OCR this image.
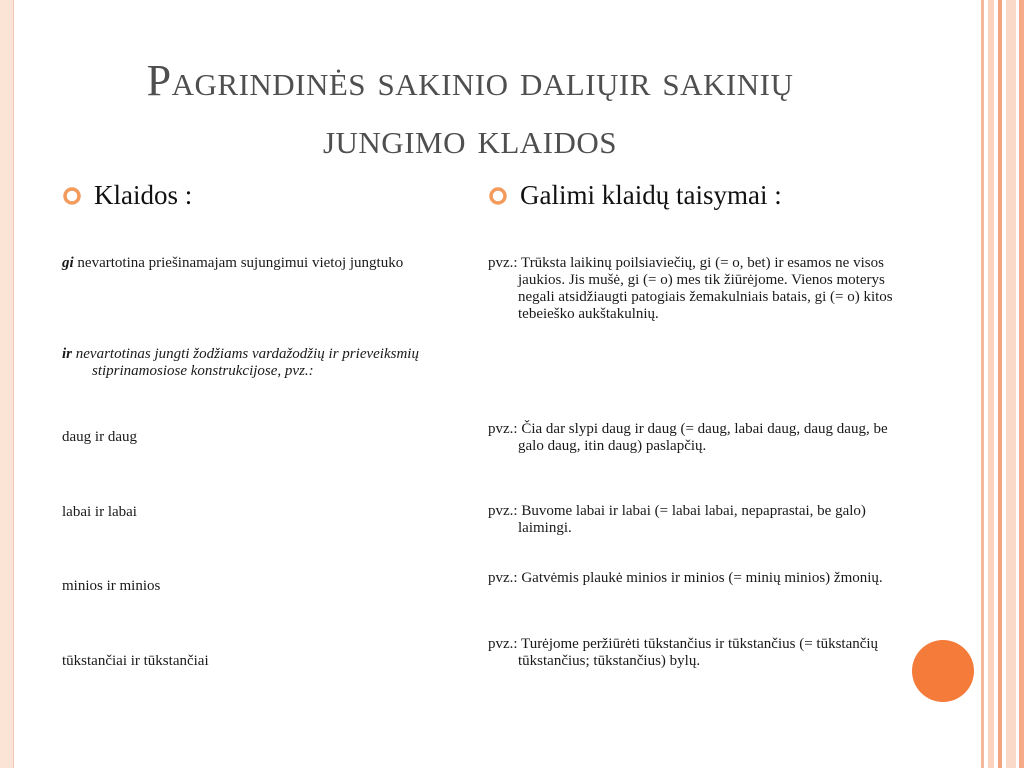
Pagrindinės sakinio daliųir sakinių
jungimo klaidos
Klaidos :	Galimi klaidų taisymai :
gi nevartotina priešinamajam sujungimui vietoj jungtuko
ir nevartotinas jungti žodžiams vardažodžių ir prieveiksmių stiprinamosiose konstrukcijose, pvz.:
daug ir daug
labai ir labai
minios ir minios
tūkstančiai ir tūkstančiai
pvz.: Trūksta laikinų poilsiaviečių, gi (= o, bet) ir esamos ne visos jaukios. Jis mušė, gi (= o) mes tik žiūrėjome. Vienos moterys negali atsidžiaugti patogiais žemakulniais batais, gi (= o) kitos tebeieško aukštakulnių.
pvz.: Čia dar slypi daug ir daug (= daug, labai daug, daug daug, be galo daug, itin daug) paslapčių.
pvz.: Buvome labai ir labai (= labai labai, nepaprastai, be galo) laimingi.
pvz.: Gatvėmis plaukė minios ir minios (= minių minios) žmonių.
pvz.: Turėjome peržiūrėti tūkstančius ir tūkstančius (= tūkstančių tūkstančius; tūkstančius) bylų.
